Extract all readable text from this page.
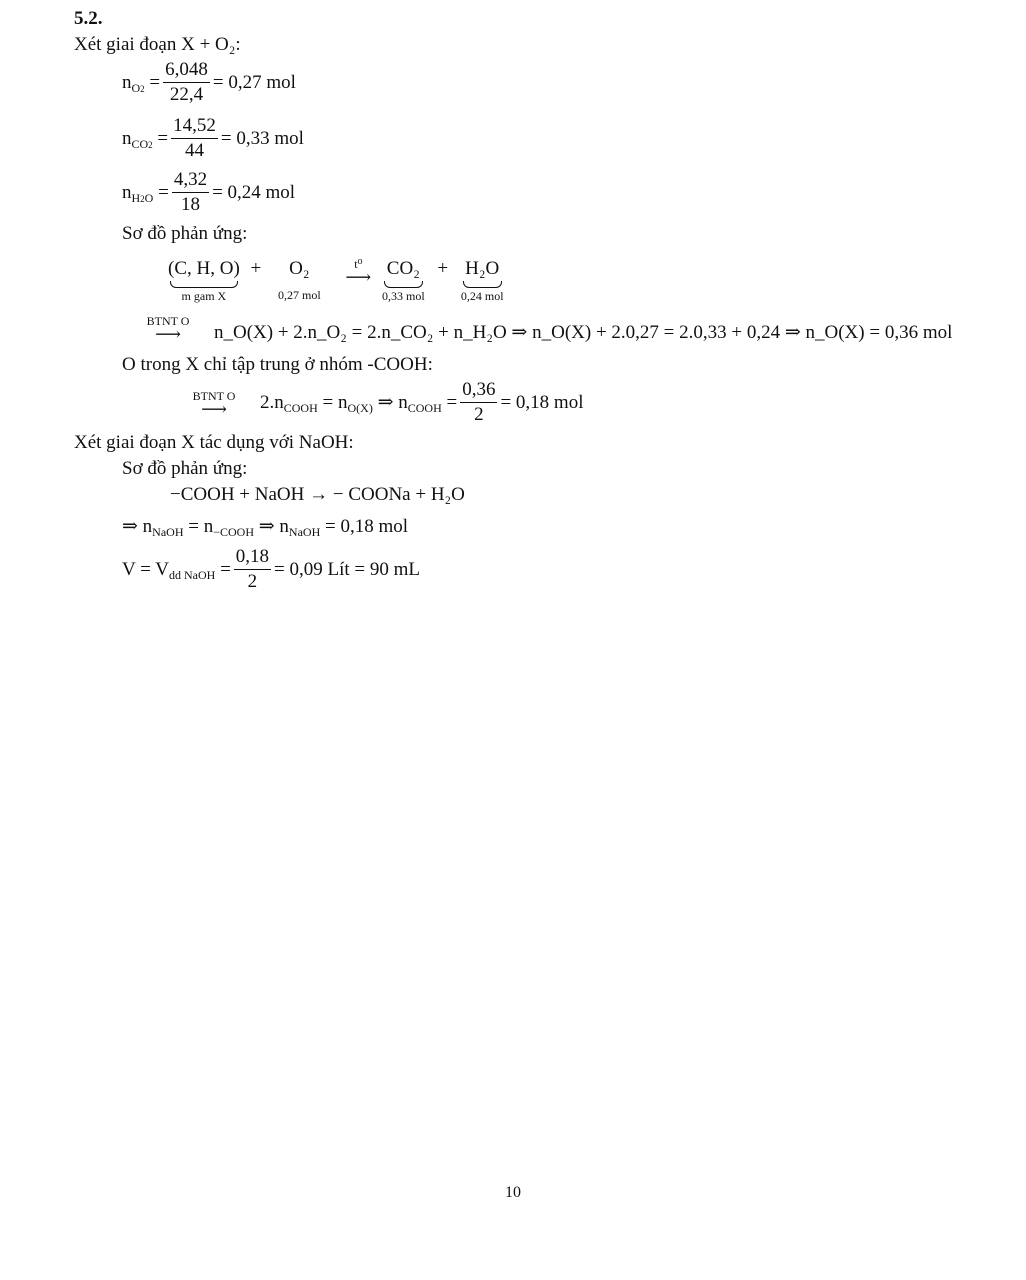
5.2.
Xét giai đoạn X + O₂:
$n_{O2} = \frac{6,048}{22,4} = 0,27$ mol
$n_{CO2} = \frac{14,52}{44} = 0,33$ mol
$n_{H2O} = \frac{4,32}{18} = 0,24$ mol
Sơ đồ phản ứng:
(C, H, O)
m gam X
+	O₂
0,27 mol

t⁰
⟶
CO₂
0,33 mol
+ H₂O
0,24 mol
BTNT O
⟶	n_O(X) + 2.n_O₂ = 2.n_CO₂ + n_H₂O ⇒ n_O(X) + 2.0,27 = 2.0,33 + 0,24 ⇒ n_O(X) = 0,36 mol
O trong X chỉ tập trung ở nhóm -COOH:
BTNT O
⟶	$2.n_{COOH} = n_{O(X)}$ ⇒ $n_{COOH} = \frac{0,36}{2} = 0,18$ mol
Xét giai đoạn X tác dụng với NaOH:
Sơ đồ phản ứng:
−COOH + NaOH → − COONa + H₂O
⇒ $n_{NaOH} = n_{-COOH}$ ⇒ $n_{NaOH} = 0,18$ mol
$V = V_{dd NaOH} = \frac{0,18}{2} = 0,09$ Lít = 90 mL
10
